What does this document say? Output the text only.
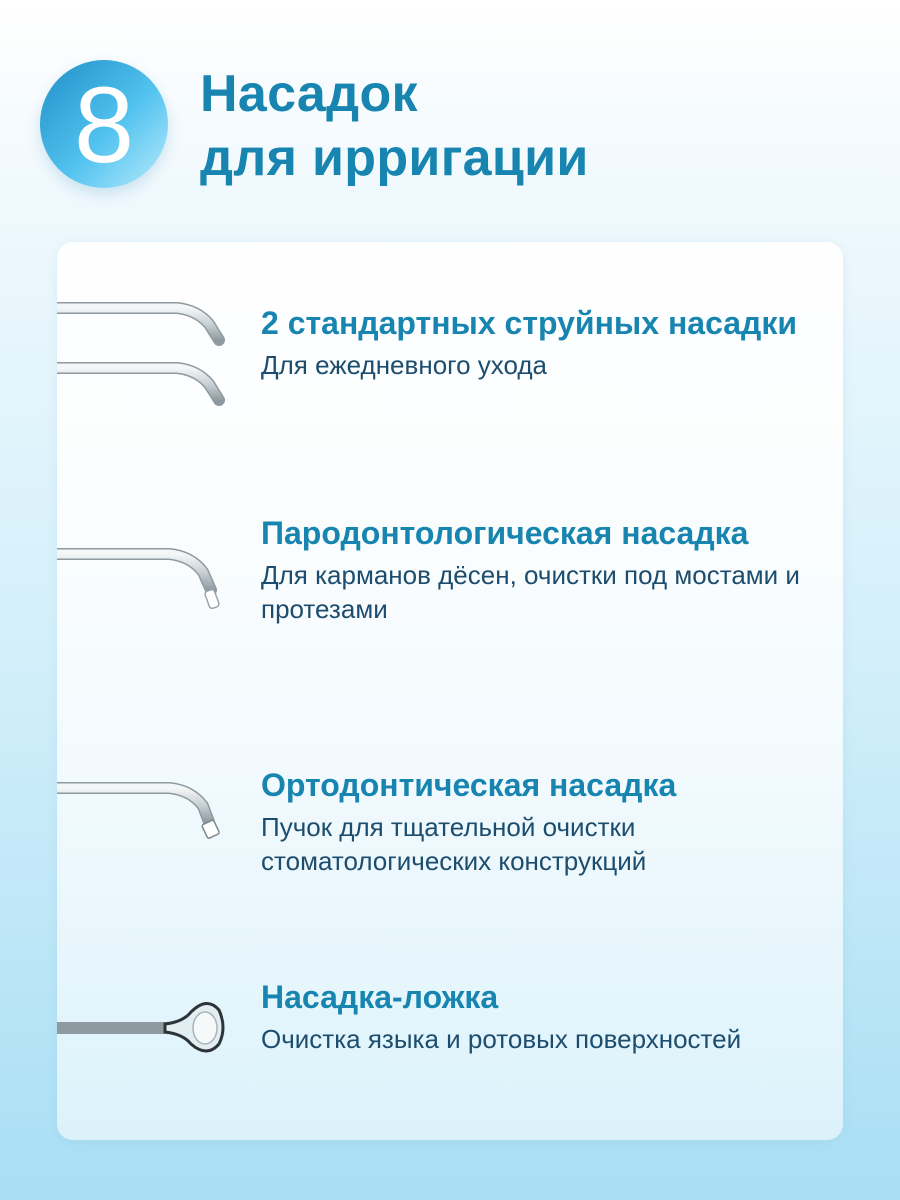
8 Насадок
для ирригации
2 стандартных струйных насадки
Для ежедневного ухода
Пародонтологическая насадка
Для карманов дёсен, очистки под мостами и протезами
Ортодонтическая насадка
Пучок для тщательной очистки стоматологических конструкций
Насадка-ложка
Очистка языка и ротовых поверхностей
